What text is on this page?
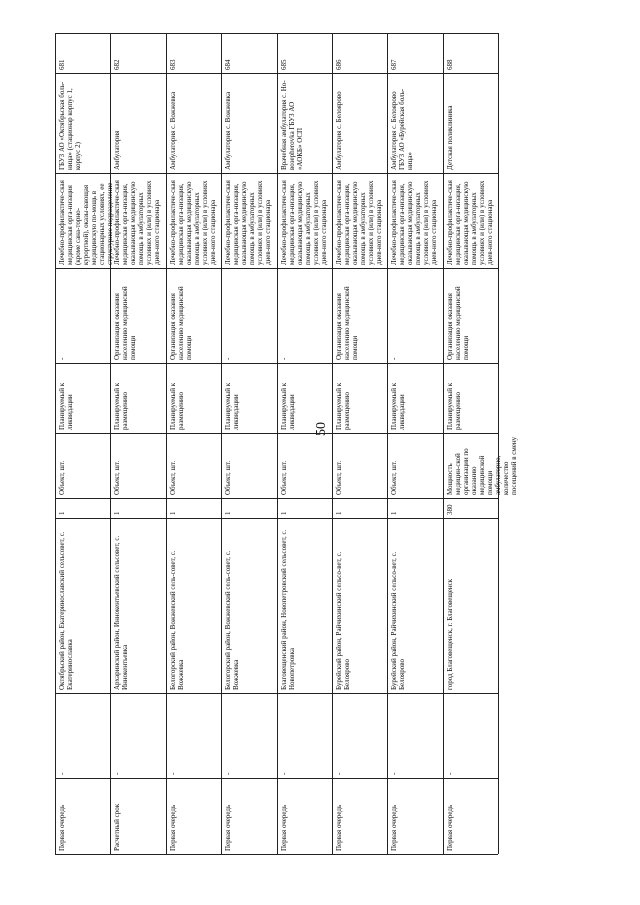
50
681
ГБУЗ АО «Октябрьская боль-ница» (стационар корпус 1, корпус 2)
Лечебно-профилактиче-ская медицинская орга-низация (кроме санa-торно-курортной), оказы-вающая медицинскую по-мощь в стационарных условиях, ее структурное подразделение
-
Планируемый к ликвидации
Объект, шт.
1
Октябрьский район, Екатеринославский сельсовет, с. Екатеринославка
-
Первая очередь
682
Амбулатория
Лечебно-профилактиче-ская медицинская орга-низация, оказывающая медицинскую помощь в амбулаторных условиях и (или) в условиях днев-ного стационара
Организация оказания населению медицинской помощи
Планируемый к размещению
Объект, шт.
1
Архаринский район, Иннокентьевский сельсовет, с. Иннокентьевка
-
Расчетный срок
683
Амбулатория с. Вожжевка
Лечебно-профилактиче-ская медицинская орга-низация, оказывающая медицинскую помощь в амбулаторных условиях и (или) в условиях днев-ного стационара
Организация оказания населению медицинской помощи
Планируемый к размещению
Объект, шт.
1
Белогорский район, Вожжевский сель-совет, с. Вожжевка
-
Первая очередь
684
Амбулатория с. Вожжевка
Лечебно-профилактиче-ская медицинская орга-низация, оказывающая медицинскую помощь в амбулаторных условиях и (или) в условиях днев-ного стационара
-
Планируемый к ликвидации
Объект, шт.
1
Белогорский район, Вожжевский сель-совет, с. Вожжевка
-
Первая очередь
685
Врачебная амбулатория с. Но-возерherovka ГБУЗ АО «АОКБ» ОСП
Лечебно-профилактиче-ская медицинская орга-низация, оказывающая медицинскую помощь в амбулаторных условиях и (или) в условиях днев-ного стационара
-
Планируемый к ликвидации
Объект, шт.
1
Благовещенский район, Новопетровский сельсовет, с. Новопетровка
-
Первая очередь
686
Амбулатория с. Белоярово
Лечебно-профилактиче-ская медицинская орга-низация, оказывающая медицинскую помощь в амбулаторных условиях и (или) в условиях днев-ного стационара
Организация оказания населению медицинской помощи
Планируемый к размещению
Объект, шт.
1
Бурейский район, Райчихинский сельсо-вет, с. Белоярово
-
Первая очередь
687
Амбулатория с. Белоярово ГБУЗ АО «Бурейская боль-ница»
Лечебно-профилактиче-ская медицинская орга-низация, оказывающая медицинскую помощь в амбулаторных условиях и (или) в условиях днев-ного стационара
-
Планируемый к ликвидации
Объект, шт.
1
Бурейский район, Райчихинский сельсо-вет, с. Белоярово
-
Первая очередь
688
Детская поликлиника
Лечебно-профилактиче-ская медицинская орга-низация, оказывающая медицинскую помощь в амбулаторных условиях и (или) в условиях днев-ного стационара
Организация оказания населению медицинской помощи
Планируемый к размещению
Мощность медицин-ской организации по оказанию медицинской помощи амбулаторно, количество посещений в смену
380
город Благовещенск, г. Благовещенск
-
Первая очередь
